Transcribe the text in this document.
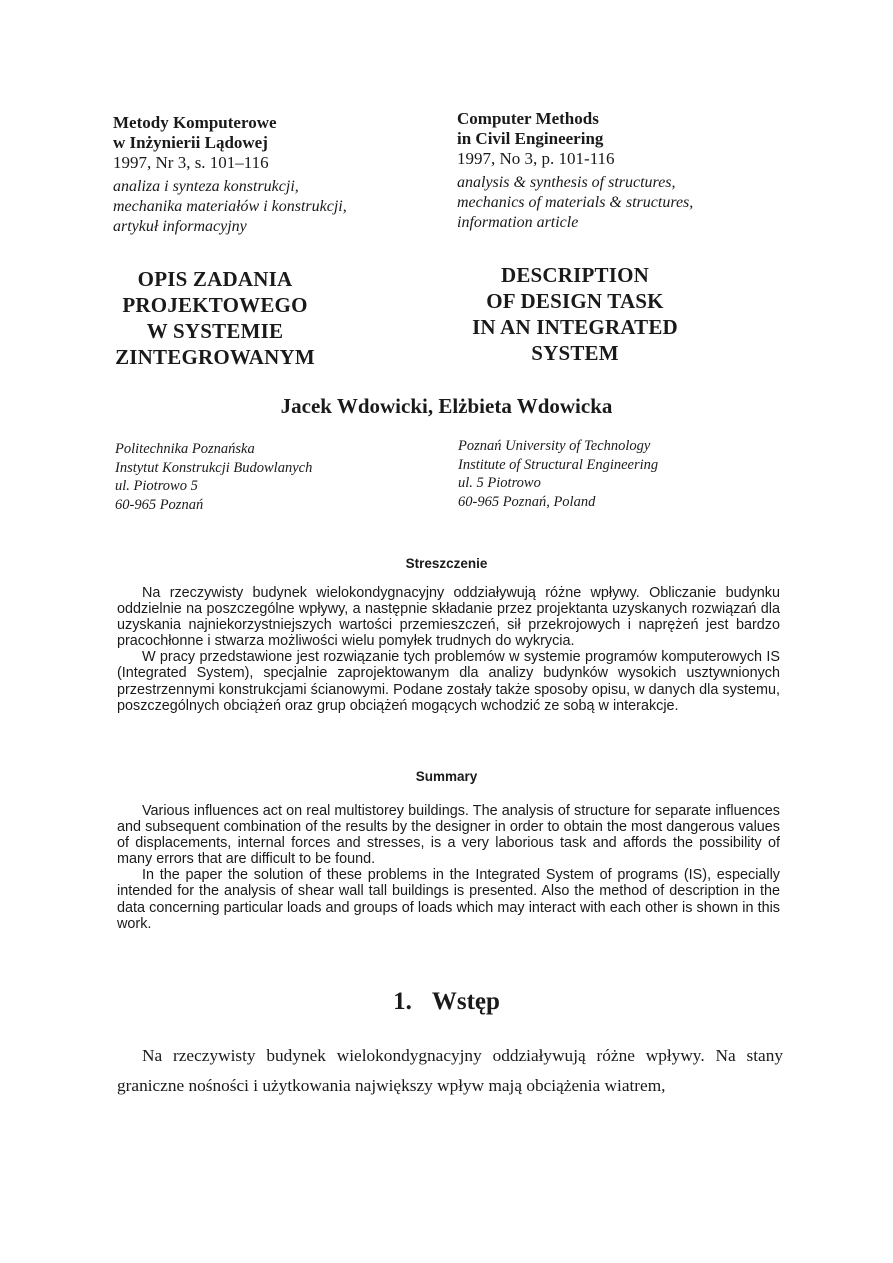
Metody Komputerowe
w Inżynierii Lądowej
1997, Nr 3, s. 101–116
analiza i synteza konstrukcji,
mechanika materiałów i konstrukcji,
artykuł informacyjny
Computer Methods
in Civil Engineering
1997, No 3, p. 101-116
analysis & synthesis of structures,
mechanics of materials & structures,
information article
OPIS ZADANIA
PROJEKTOWEGO
W SYSTEMIE
ZINTEGROWANYM
DESCRIPTION
OF DESIGN TASK
IN AN INTEGRATED
SYSTEM
Jacek Wdowicki, Elżbieta Wdowicka
Politechnika Poznańska
Instytut Konstrukcji Budowlanych
ul. Piotrowo 5
60-965 Poznań
Poznań University of Technology
Institute of Structural Engineering
ul. 5 Piotrowo
60-965 Poznań, Poland
Streszczenie

Na rzeczywisty budynek wielokondygnacyjny oddziaływują różne wpływy. Obliczanie budynku oddzielnie na poszczególne wpływy, a następnie składanie przez projektanta uzyskanych rozwiązań dla uzyskania najniekorzystniejszych wartości przemieszczeń, sił przekrojowych i naprężeń jest bardzo pracochłonne i stwarza możliwości wielu pomyłek trudnych do wykrycia.

W pracy przedstawione jest rozwiązanie tych problemów w systemie programów komputerowych IS (Integrated System), specjalnie zaprojektowanym dla analizy budynków wysokich usztywnionych przestrzennymi konstrukcjami ścianowymi. Podane zostały także sposoby opisu, w danych dla systemu, poszczególnych obciążeń oraz grup obciążeń mogących wchodzić ze sobą w interakcje.

Summary

Various influences act on real multistorey buildings. The analysis of structure for separate influences and subsequent combination of the results by the designer in order to obtain the most dangerous values of displacements, internal forces and stresses, is a very laborious task and affords the possibility of many errors that are difficult to be found.

In the paper the solution of these problems in the Integrated System of programs (IS), especially intended for the analysis of shear wall tall buildings is presented. Also the method of description in the data concerning particular loads and groups of loads which may interact with each other is shown in this work.

1. Wstęp

Na rzeczywisty budynek wielokondygnacyjny oddziaływują różne wpływy. Na stany graniczne nośności i użytkowania największy wpływ mają obciążenia wiatrem,
